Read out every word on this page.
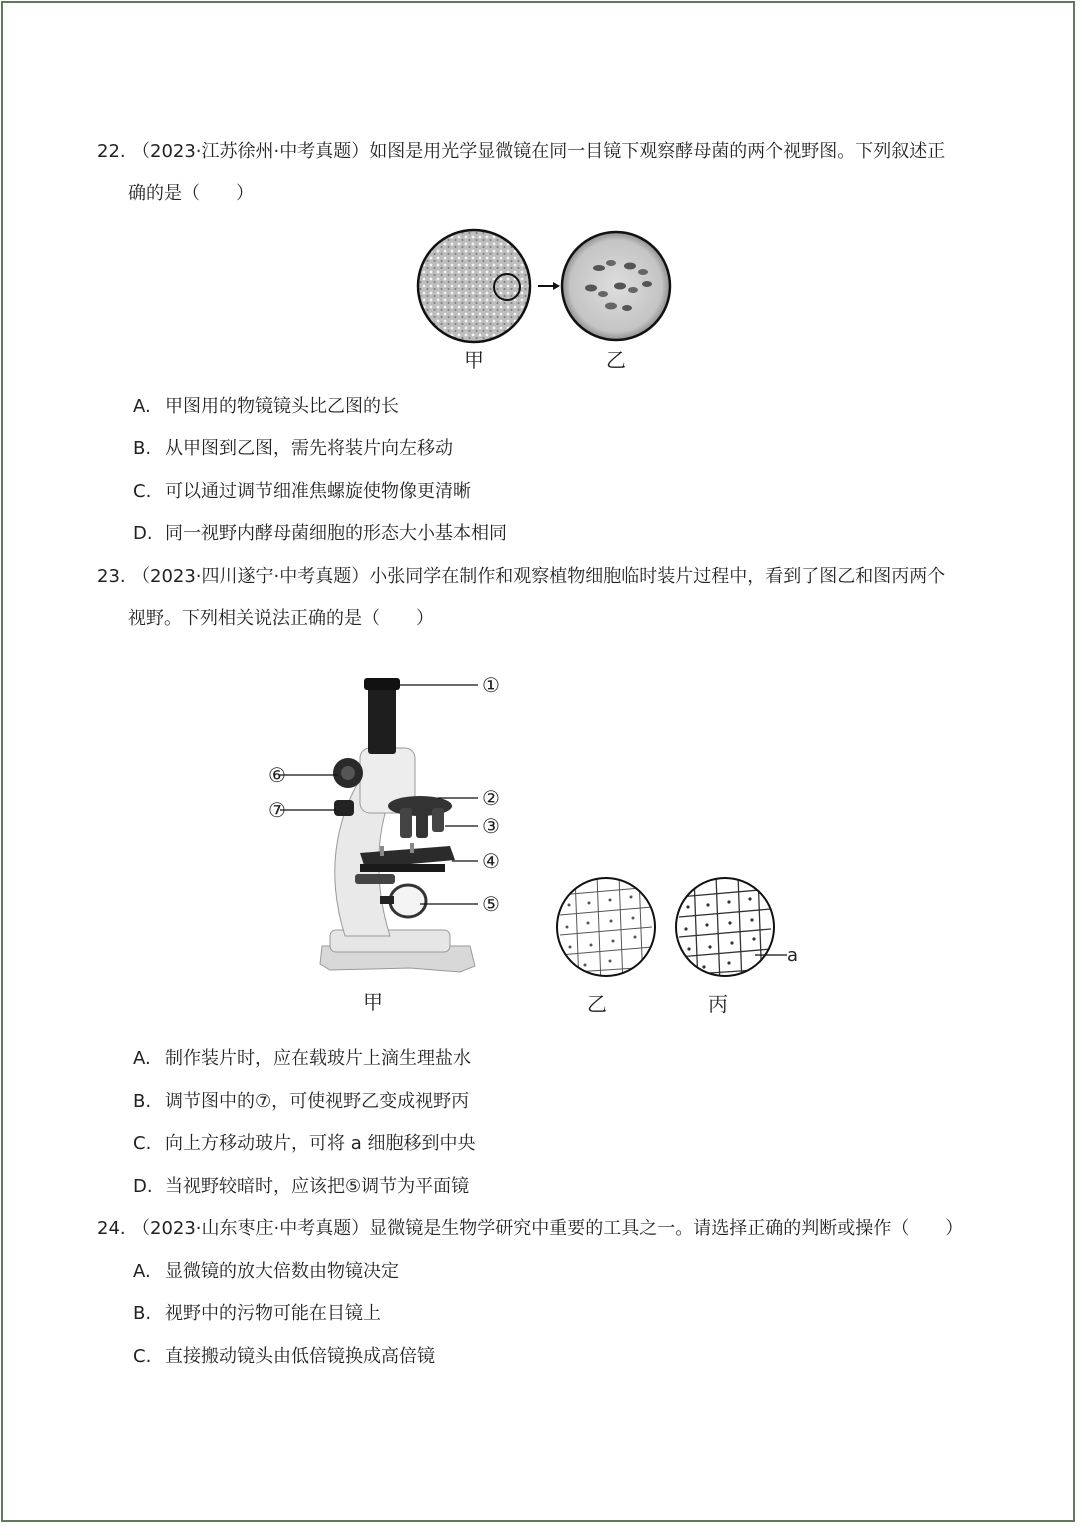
22. （2023·江苏徐州·中考真题）如图是用光学显微镜在同一目镜下观察酵母菌的两个视野图。下列叙述正
确的是（　　）
甲	乙
A. 甲图用的物镜镜头比乙图的长
B. 从甲图到乙图，需先将装片向左移动
C. 可以通过调节细准焦螺旋使物像更清晰
D. 同一视野内酵母菌细胞的形态大小基本相同
23. （2023·四川遂宁·中考真题）小张同学在制作和观察植物细胞临时装片过程中，看到了图乙和图丙两个
视野。下列相关说法正确的是（　　）
①
②
③
④
⑤
⑥
⑦
a
甲	乙	丙
A. 制作装片时，应在载玻片上滴生理盐水
B. 调节图中的⑦，可使视野乙变成视野丙
C. 向上方移动玻片，可将 a 细胞移到中央
D. 当视野较暗时，应该把⑤调节为平面镜
24. （2023·山东枣庄·中考真题）显微镜是生物学研究中重要的工具之一。请选择正确的判断或操作（　　）
A. 显微镜的放大倍数由物镜决定
B. 视野中的污物可能在目镜上
C. 直接搬动镜头由低倍镜换成高倍镜
